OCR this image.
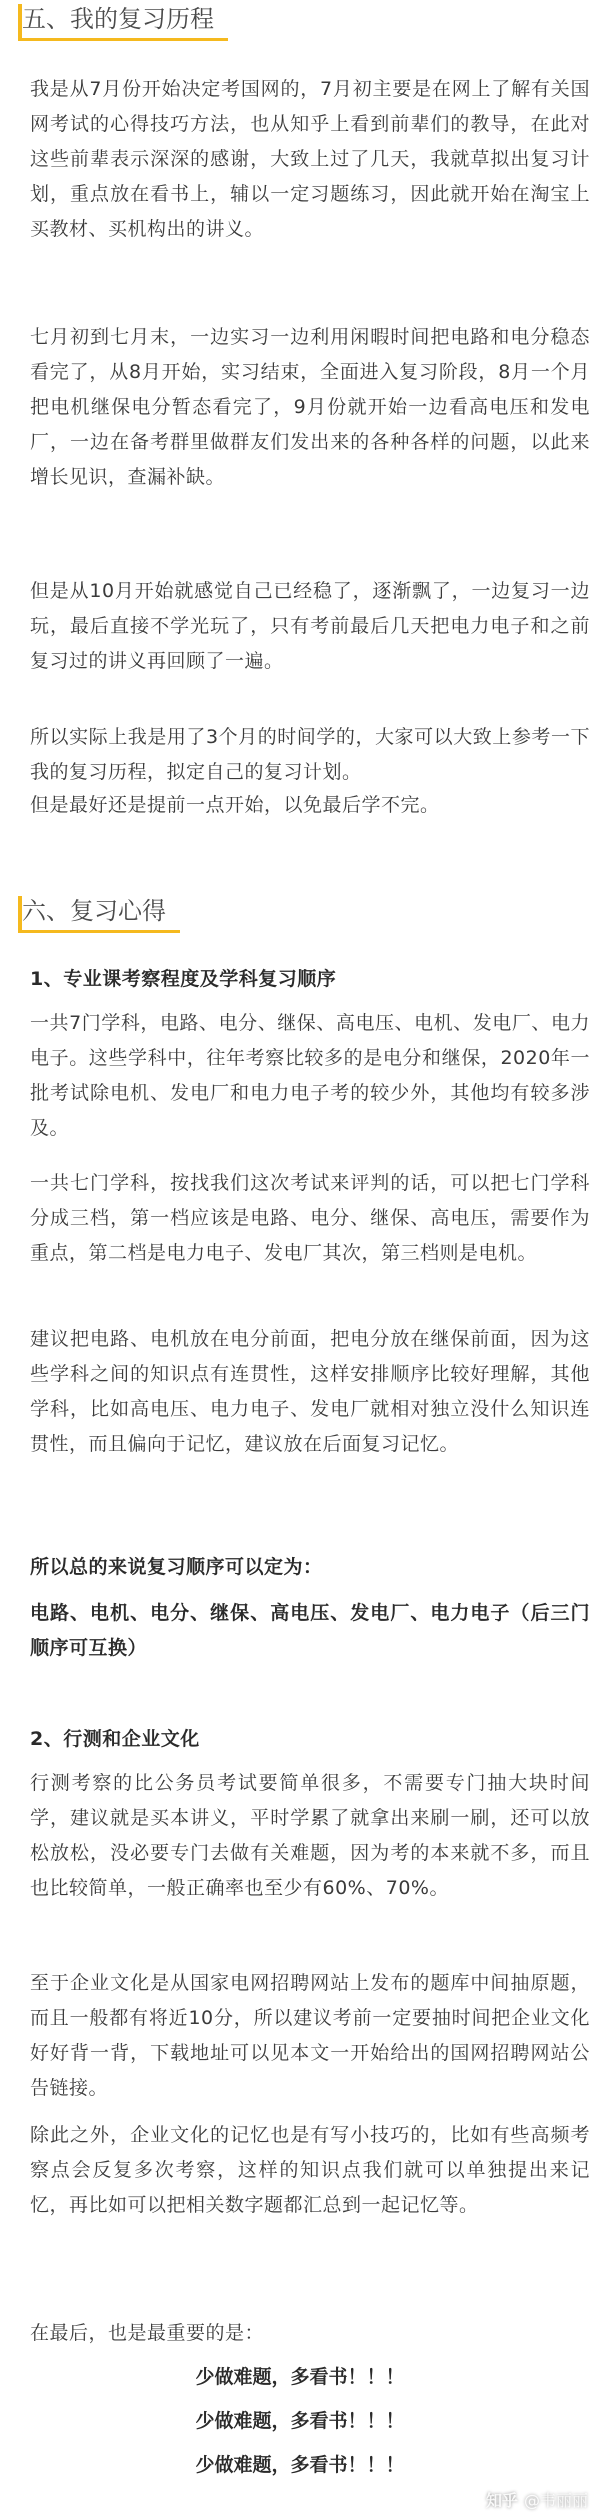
五、我的复习历程

我是从7月份开始决定考国网的，7月初主要是在网上了解有关国网考试的心得技巧方法，也从知乎上看到前辈们的教导，在此对这些前辈表示深深的感谢，大致上过了几天，我就草拟出复习计划，重点放在看书上，辅以一定习题练习，因此就开始在淘宝上买教材、买机构出的讲义。

七月初到七月末，一边实习一边利用闲暇时间把电路和电分稳态看完了，从8月开始，实习结束，全面进入复习阶段，8月一个月把电机继保电分暂态看完了，9月份就开始一边看高电压和发电厂，一边在备考群里做群友们发出来的各种各样的问题，以此来增长见识，查漏补缺。

但是从10月开始就感觉自己已经稳了，逐渐飘了，一边复习一边玩，最后直接不学光玩了，只有考前最后几天把电力电子和之前复习过的讲义再回顾了一遍。

所以实际上我是用了3个月的时间学的，大家可以大致上参考一下我的复习历程，拟定自己的复习计划。

但是最好还是提前一点开始，以免最后学不完。

六、复习心得

1、专业课考察程度及学科复习顺序

一共7门学科，电路、电分、继保、高电压、电机、发电厂、电力电子。这些学科中，往年考察比较多的是电分和继保，2020年一批考试除电机、发电厂和电力电子考的较少外，其他均有较多涉及。

一共七门学科，按找我们这次考试来评判的话，可以把七门学科分成三档，第一档应该是电路、电分、继保、高电压，需要作为重点，第二档是电力电子、发电厂其次，第三档则是电机。

建议把电路、电机放在电分前面，把电分放在继保前面，因为这些学科之间的知识点有连贯性，这样安排顺序比较好理解，其他学科，比如高电压、电力电子、发电厂就相对独立没什么知识连贯性，而且偏向于记忆，建议放在后面复习记忆。

所以总的来说复习顺序可以定为：

电路、电机、电分、继保、高电压、发电厂、电力电子（后三门顺序可互换）

2、行测和企业文化

行测考察的比公务员考试要简单很多，不需要专门抽大块时间学，建议就是买本讲义，平时学累了就拿出来刷一刷，还可以放松放松，没必要专门去做有关难题，因为考的本来就不多，而且也比较简单，一般正确率也至少有60%、70%。

至于企业文化是从国家电网招聘网站上发布的题库中间抽原题，而且一般都有将近10分，所以建议考前一定要抽时间把企业文化好好背一背，下载地址可以见本文一开始给出的国网招聘网站公告链接。

除此之外，企业文化的记忆也是有写小技巧的，比如有些高频考察点会反复多次考察，这样的知识点我们就可以单独提出来记忆，再比如可以把相关数字题都汇总到一起记忆等。

在最后，也是最重要的是：

少做难题，多看书！！！
少做难题，多看书！！！
少做难题，多看书！！！
知乎 @韦丽丽
